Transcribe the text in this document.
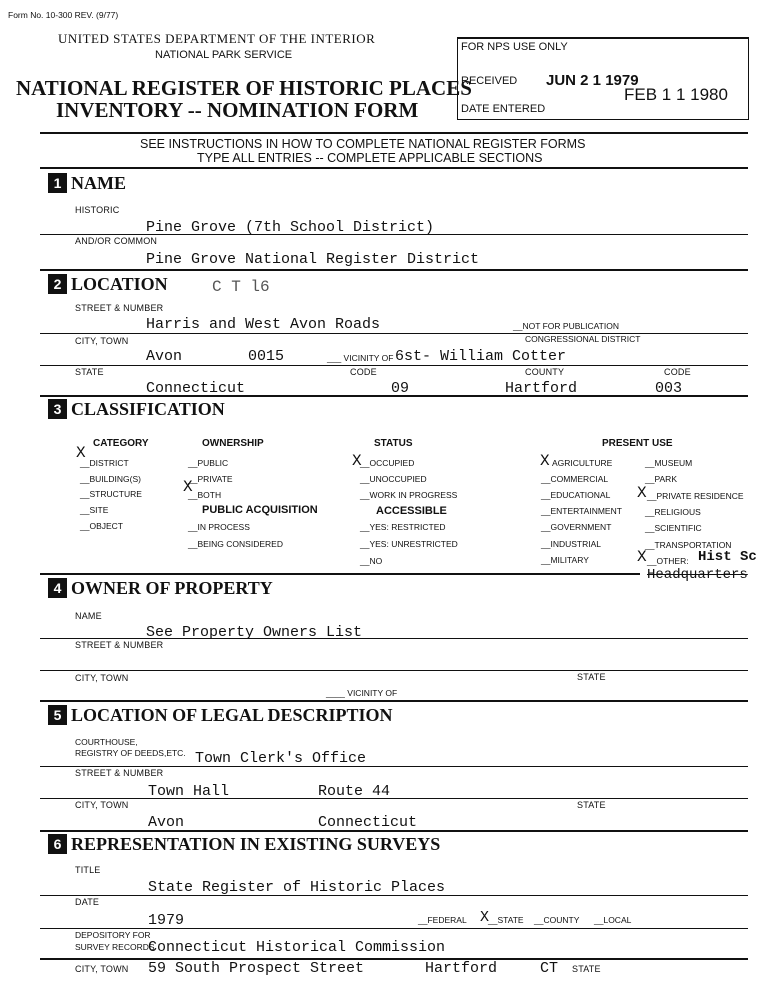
Form No. 10-300 REV. (9/77)
UNITED STATES DEPARTMENT OF THE INTERIOR
NATIONAL PARK SERVICE
NATIONAL REGISTER OF HISTORIC PLACES
INVENTORY -- NOMINATION FORM
FOR NPS USE ONLY
RECEIVED JUN 2 1 1979
FEB 1 1 1980
DATE ENTERED
SEE INSTRUCTIONS IN HOW TO COMPLETE NATIONAL REGISTER FORMS
TYPE ALL ENTRIES -- COMPLETE APPLICABLE SECTIONS
1 NAME
HISTORIC
Pine Grove (7th School District)
AND/OR COMMON
Pine Grove National Register District
2 LOCATION	C T l6
STREET & NUMBER
Harris and West Avon Roads __	NOT FOR PUBLICATION
CITY, TOWN	CONGRESSIONAL DISTRICT
Avon	0015	___ VICINITY OF 6st- William Cotter
STATE	CODE	COUNTY	CODE
Connecticut	09	Hartford	003
3 CLASSIFICATION
CATEGORY	OWNERSHIP	STATUS	PRESENT USE
X
__ DISTRICT
__ BUILDING(S)
__ STRUCTURE
__ SITE
__ OBJECT
__ PUBLIC
__ PRIVATE
X __ BOTH
PUBLIC ACQUISITION
__ IN PROCESS
__ BEING CONSIDERED
X __ OCCUPIED
__ UNOCCUPIED
__ WORK IN PROGRESS
ACCESSIBLE
__ YES: RESTRICTED
__ YES: UNRESTRICTED
__ NO
X AGRICULTURE
__ COMMERCIAL
__ EDUCATIONAL
__ ENTERTAINMENT
__ GOVERNMENT
__ INDUSTRIAL
__ MILITARY
__ MUSEUM
__ PARK
X __	PRIVATE RESIDENCE
__ RELIGIOUS
__ SCIENTIFIC
__ TRANSPORTATION
X __	OTHER: Hist Sc
Headquarters
4 OWNER OF PROPERTY
NAME
See Property Owners List
STREET & NUMBER
CITY, TOWN	STATE
____ VICINITY OF
5 LOCATION OF LEGAL DESCRIPTION
COURTHOUSE,
REGISTRY OF DEEDS,ETC. Town Clerk's Office
STREET & NUMBER
Town Hall	Route 44
CITY, TOWN	STATE
Avon	Connecticut
6 REPRESENTATION IN EXISTING SURVEYS
TITLE
State Register of Historic Places
DATE
1979 __	FEDERAL X __ STATE __	COUNTY __	LOCAL
DEPOSITORY FOR
SURVEY RECORDS
Connecticut Historical Commission
CITY, TOWN 59 South Prospect Street	Hartford	CT STATE
